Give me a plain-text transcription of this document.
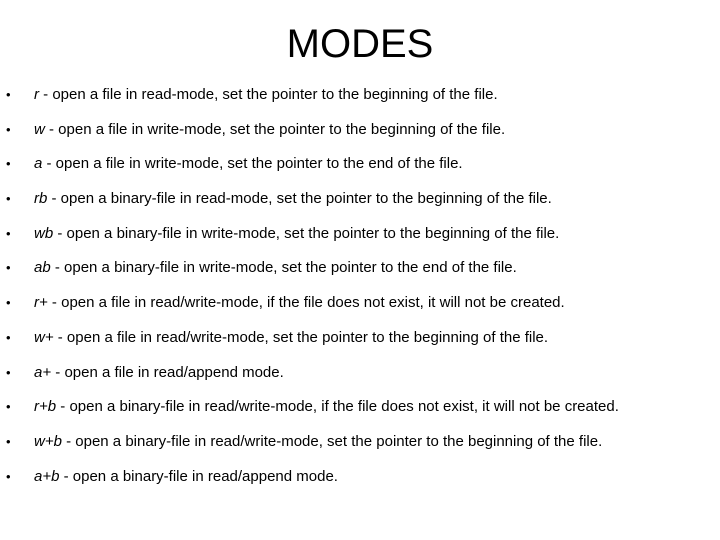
MODES
• r - open a file in read-mode, set the pointer to the beginning of the file.
• w - open a file in write-mode, set the pointer to the beginning of the file.
• a - open a file in write-mode, set the pointer to the end of the file.
• rb - open a binary-file in read-mode, set the pointer to the beginning of the file.
• wb - open a binary-file in write-mode, set the pointer to the beginning of the file.
• ab - open a binary-file in write-mode, set the pointer to the end of the file.
• r+ - open a file in read/write-mode, if the file does not exist, it will not be created.
• w+ - open a file in read/write-mode, set the pointer to the beginning of the file.
• a+ - open a file in read/append mode.
• r+b - open a binary-file in read/write-mode, if the file does not exist, it will not be created.
• w+b - open a binary-file in read/write-mode, set the pointer to the beginning of the file.
• a+b - open a binary-file in read/append mode.
